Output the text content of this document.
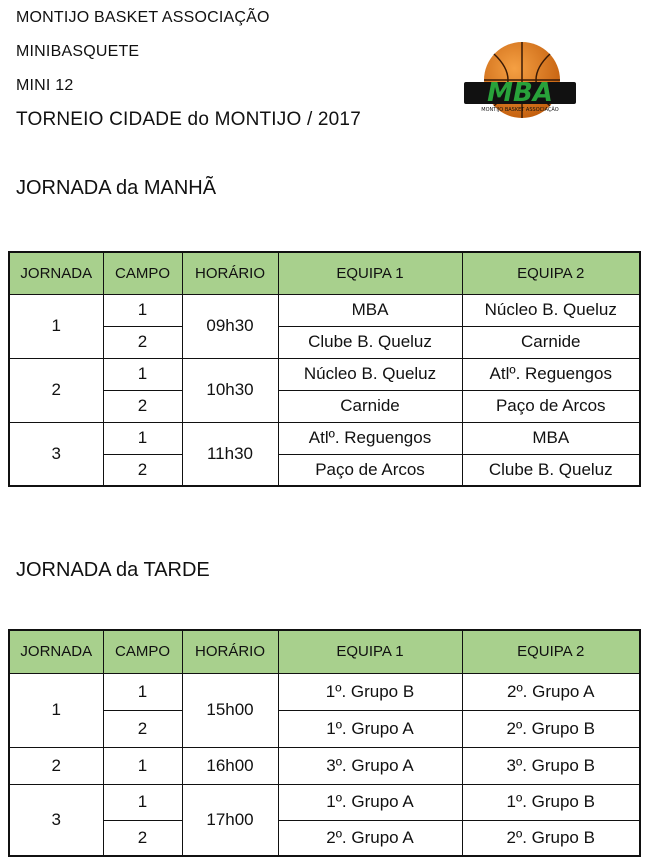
MONTIJO BASKET ASSOCIAÇÃO
MINIBASQUETE
MINI 12
TORNEIO CIDADE do MONTIJO / 2017
MBA
MONTIJO BASKET ASSOCIAÇÃO
JORNADA da MANHÃ
JORNADA	CAMPO	HORÁRIO	EQUIPA 1	EQUIPA 2
1	1	09h30	MBA	Núcleo B. Queluz
	2		Clube B. Queluz	Carnide
2	1	10h30	Núcleo B. Queluz	Atlº. Reguengos
	2		Carnide	Paço de Arcos
3	1	11h30	Atlº. Reguengos	MBA
	2		Paço de Arcos	Clube B. Queluz
JORNADA da TARDE
JORNADA	CAMPO	HORÁRIO	EQUIPA 1	EQUIPA 2
1	1	15h00	1º. Grupo B	2º. Grupo A
	2		1º. Grupo A	2º. Grupo B
2	1	16h00	3º. Grupo A	3º. Grupo B
3	1	17h00	1º. Grupo A	1º. Grupo B
	2		2º. Grupo A	2º. Grupo B
